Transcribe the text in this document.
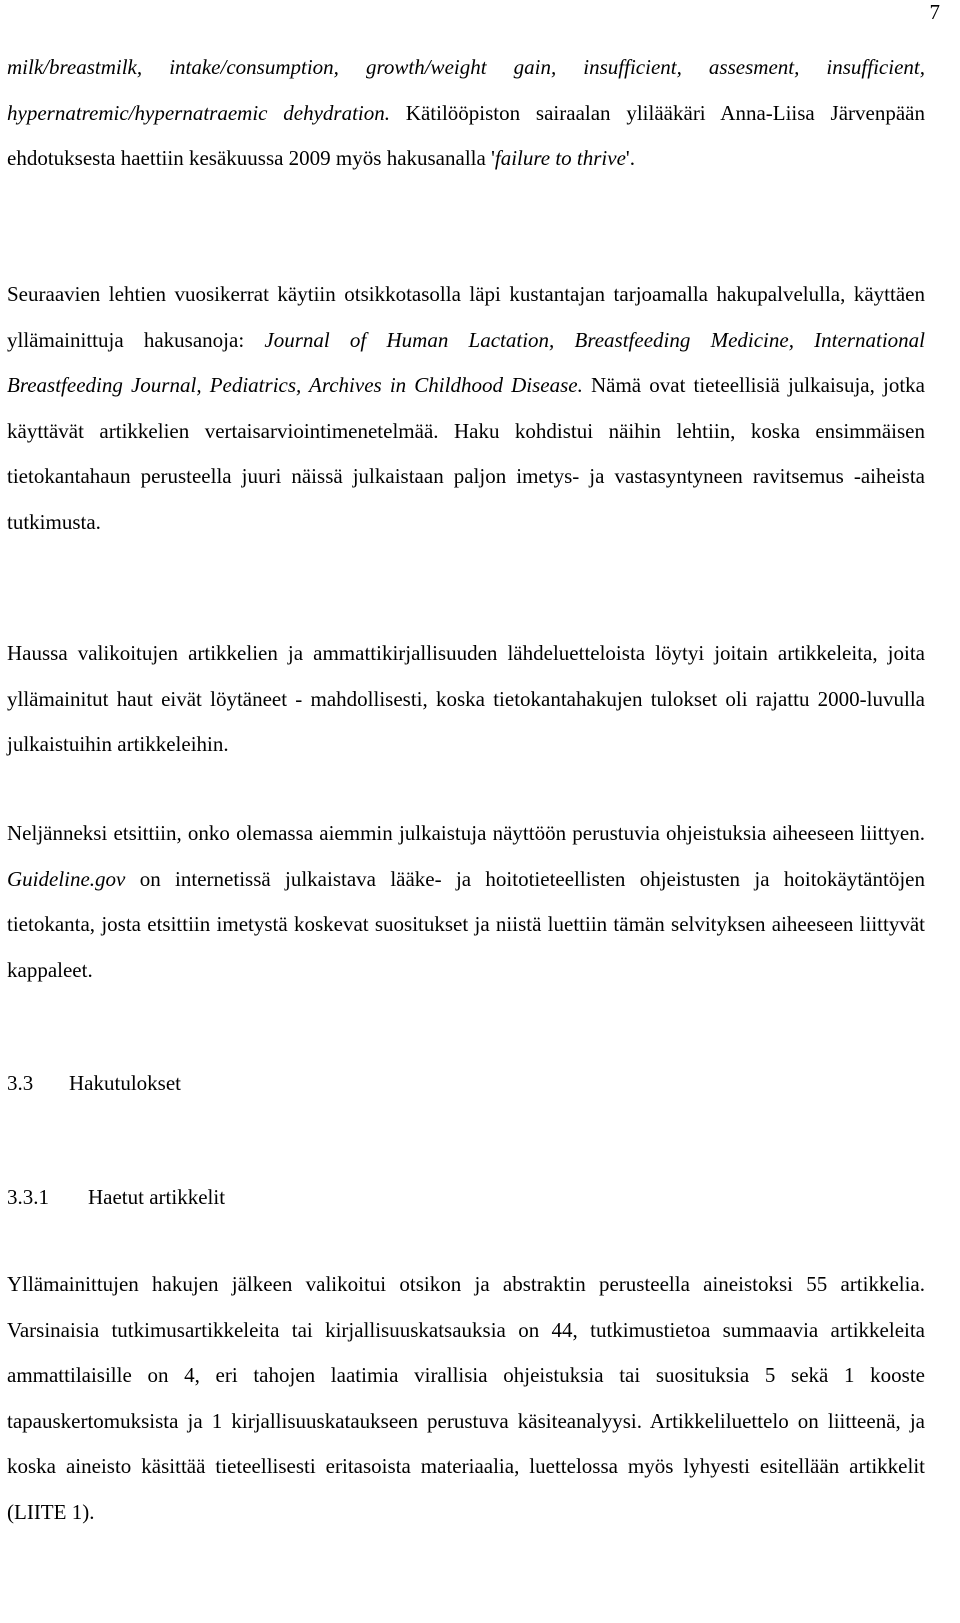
7

milk/breastmilk, intake/consumption, growth/weight gain, insufficient, assesment, insufficient, hypernatremic/hypernatraemic dehydration. Kätilööpiston sairaalan ylilääkäri Anna-Liisa Järvenpään ehdotuksesta haettiin kesäkuussa 2009 myös hakusanalla 'failure to thrive'.

Seuraavien lehtien vuosikerrat käytiin otsikkotasolla läpi kustantajan tarjoamalla hakupalvelulla, käyttäen yllämainittuja hakusanoja: Journal of Human Lactation, Breastfeeding Medicine, International Breastfeeding Journal, Pediatrics, Archives in Childhood Disease. Nämä ovat tieteellisiä julkaisuja, jotka käyttävät artikkelien vertaisarviointimenetelmää. Haku kohdistui näihin lehtiin, koska ensimmäisen tietokantahaun perusteella juuri näissä julkaistaan paljon imetys- ja vastasyntyneen ravitsemus -aiheista tutkimusta.

Haussa valikoitujen artikkelien ja ammattikirjallisuuden lähdeluetteloista löytyi joitain artikkeleita, joita yllämainitut haut eivät löytäneet - mahdollisesti, koska tietokantahakujen tulokset oli rajattu 2000-luvulla julkaistuihin artikkeleihin.

Neljänneksi etsittiin, onko olemassa aiemmin julkaistuja näyttöön perustuvia ohjeistuksia aiheeseen liittyen. Guideline.gov on internetissä julkaistava lääke- ja hoitotieteellisten ohjeistusten ja hoitokäytäntöjen tietokanta, josta etsittiin imetystä koskevat suositukset ja niistä luettiin tämän selvityksen aiheeseen liittyvät kappaleet.

3.3 Hakutulokset
3.3.1 Haetut artikkelit

Yllämainittujen hakujen jälkeen valikoitui otsikon ja abstraktin perusteella aineistoksi 55 artikkelia. Varsinaisia tutkimusartikkeleita tai kirjallisuuskatsauksia on 44, tutkimustietoa summaavia artikkeleita ammattilaisille on 4, eri tahojen laatimia virallisia ohjeistuksia tai suosituksia 5 sekä 1 kooste tapauskertomuksista ja 1 kirjallisuuskataukseen perustuva käsiteanalyysi. Artikkeliluettelo on liitteenä, ja koska aineisto käsittää tieteellisesti eritasoista materiaalia, luettelossa myös lyhyesti esitellään artikkelit (LIITE 1).
